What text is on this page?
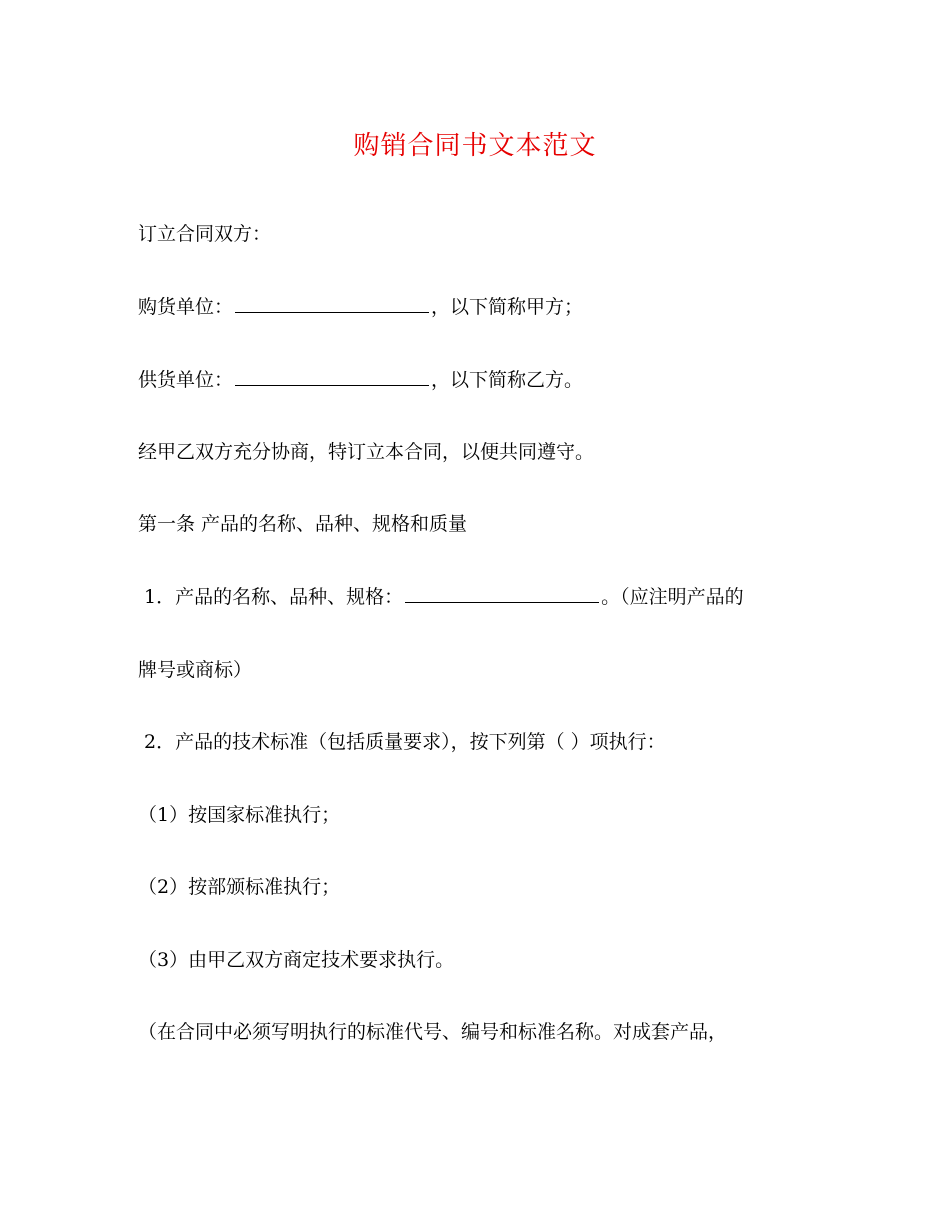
购销合同书文本范文
订立合同双方：
购货单位：	，以下简称甲方；
供货单位：	，以下简称乙方。
经甲乙双方充分协商，特订立本合同，以便共同遵守。
第一条 产品的名称、品种、规格和质量
1．产品的名称、品种、规格：	。（应注明产品的
牌号或商标）
2．产品的技术标准（包括质量要求），按下列第（ ）项执行：
（1）按国家标准执行；
（2）按部颁标准执行；
（3）由甲乙双方商定技术要求执行。
（在合同中必须写明执行的标准代号、编号和标准名称。对成套产品，
